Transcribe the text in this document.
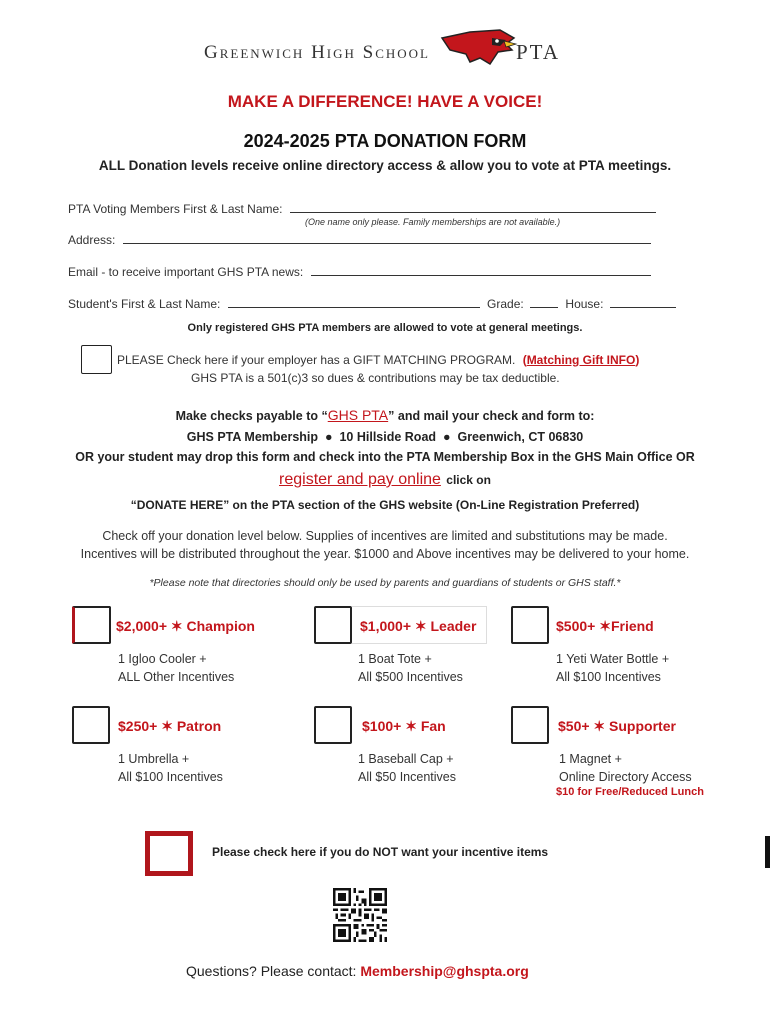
Greenwich High School	PTA
MAKE A DIFFERENCE! HAVE A VOICE!
2024-2025 PTA DONATION FORM
ALL Donation levels receive online directory access & allow you to vote at PTA meetings.
PTA Voting Members First & Last Name:
(One name only please. Family memberships are not available.)
Address:
Email - to receive important GHS PTA news:
Student's First & Last Name:	Grade:	House:
Only registered GHS PTA members are allowed to vote at general meetings.
PLEASE Check here if your employer has a GIFT MATCHING PROGRAM. (Matching Gift INFO)
GHS PTA is a 501(c)3 so dues & contributions may be tax deductible.
Make checks payable to “GHS PTA” and mail your check and form to:
GHS PTA Membership  ●  10 Hillside Road  ●  Greenwich, CT 06830
OR your student may drop this form and check into the PTA Membership Box in the GHS Main Office OR
register and pay online click on
“DONATE HERE” on the PTA section of the GHS website (On-Line Registration Preferred)
Check off your donation level below. Supplies of incentives are limited and substitutions may be made.
Incentives will be distributed throughout the year. $1000 and Above incentives may be delivered to your home.
*Please note that directories should only be used by parents and guardians of students or GHS staff.*
$2,000+ ✶ Champion
1 Igloo Cooler +
ALL Other Incentives
$1,000+ ✶ Leader
1 Boat Tote +
All $500 Incentives
$500+ ✶Friend
1 Yeti Water Bottle +
All $100 Incentives
$250+ ✶ Patron
1 Umbrella +
All $100 Incentives
$100+ ✶ Fan
1 Baseball Cap +
All $50 Incentives
$50+ ✶ Supporter
1 Magnet +
Online Directory Access
$10 for Free/Reduced Lunch
Please check here if you do NOT want your incentive items
Questions? Please contact: Membership@ghspta.org
